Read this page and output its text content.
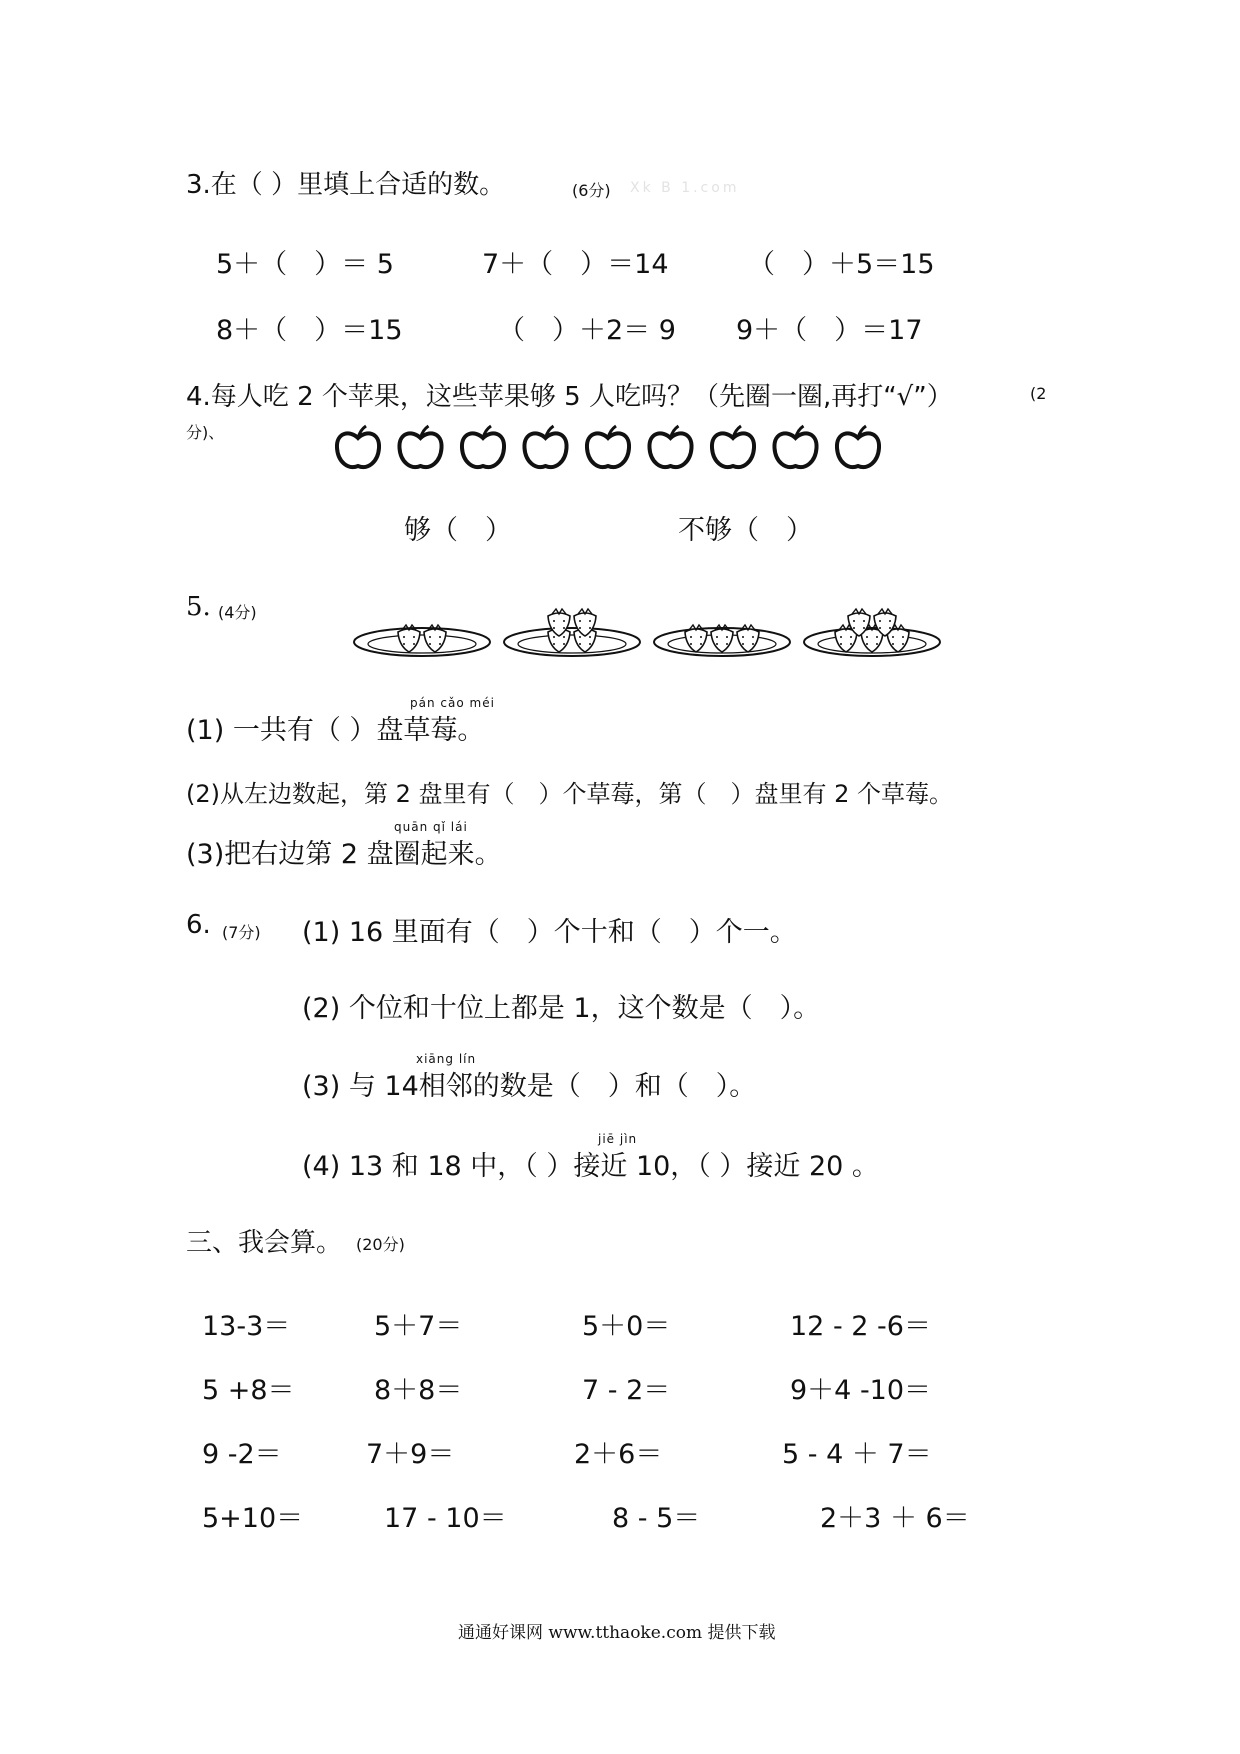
3.在（ ）里填上合适的数。	(6分) Xk B 1.com
5＋（　）＝ 5	7＋（　）＝14	（　）＋5＝15
8＋（　）＝15	（　）＋2＝ 9 9＋（　）＝17
4.每人吃 2 个苹果，这些苹果够 5 人吃吗？（先圈一圈,再打“√”）	(2
分)、
够（　）	不够（　）
5. (4分)
pán cǎo méi
(1) 一共有（ ）盘草莓。
(2)从左边数起，第 2 盘里有（　）个草莓，第（　）盘里有 2 个草莓。
quān qǐ lái
(3)把右边第 2 盘圈起来。
6. (7分) (1) 16 里面有（　）个十和（　）个一。
(2) 个位和十位上都是 1，这个数是（　）。
xiāng lín
(3) 与 14相邻的数是（　）和（　）。
jiē jìn
(4) 13 和 18 中，（ ）接近 10，（ ）接近 20 。
三、我会算。 (20分)
13-3＝	5＋7＝	5＋0＝	12 - 2 -6＝
5 +8＝	8＋8＝	7 - 2＝	9＋4 -10＝
9 -2＝	7＋9＝	2＋6＝	5 - 4 ＋ 7＝
5+10＝	17 - 10＝	8 - 5＝	2＋3 ＋ 6＝
通通好课网 www.tthaoke.com 提供下载
